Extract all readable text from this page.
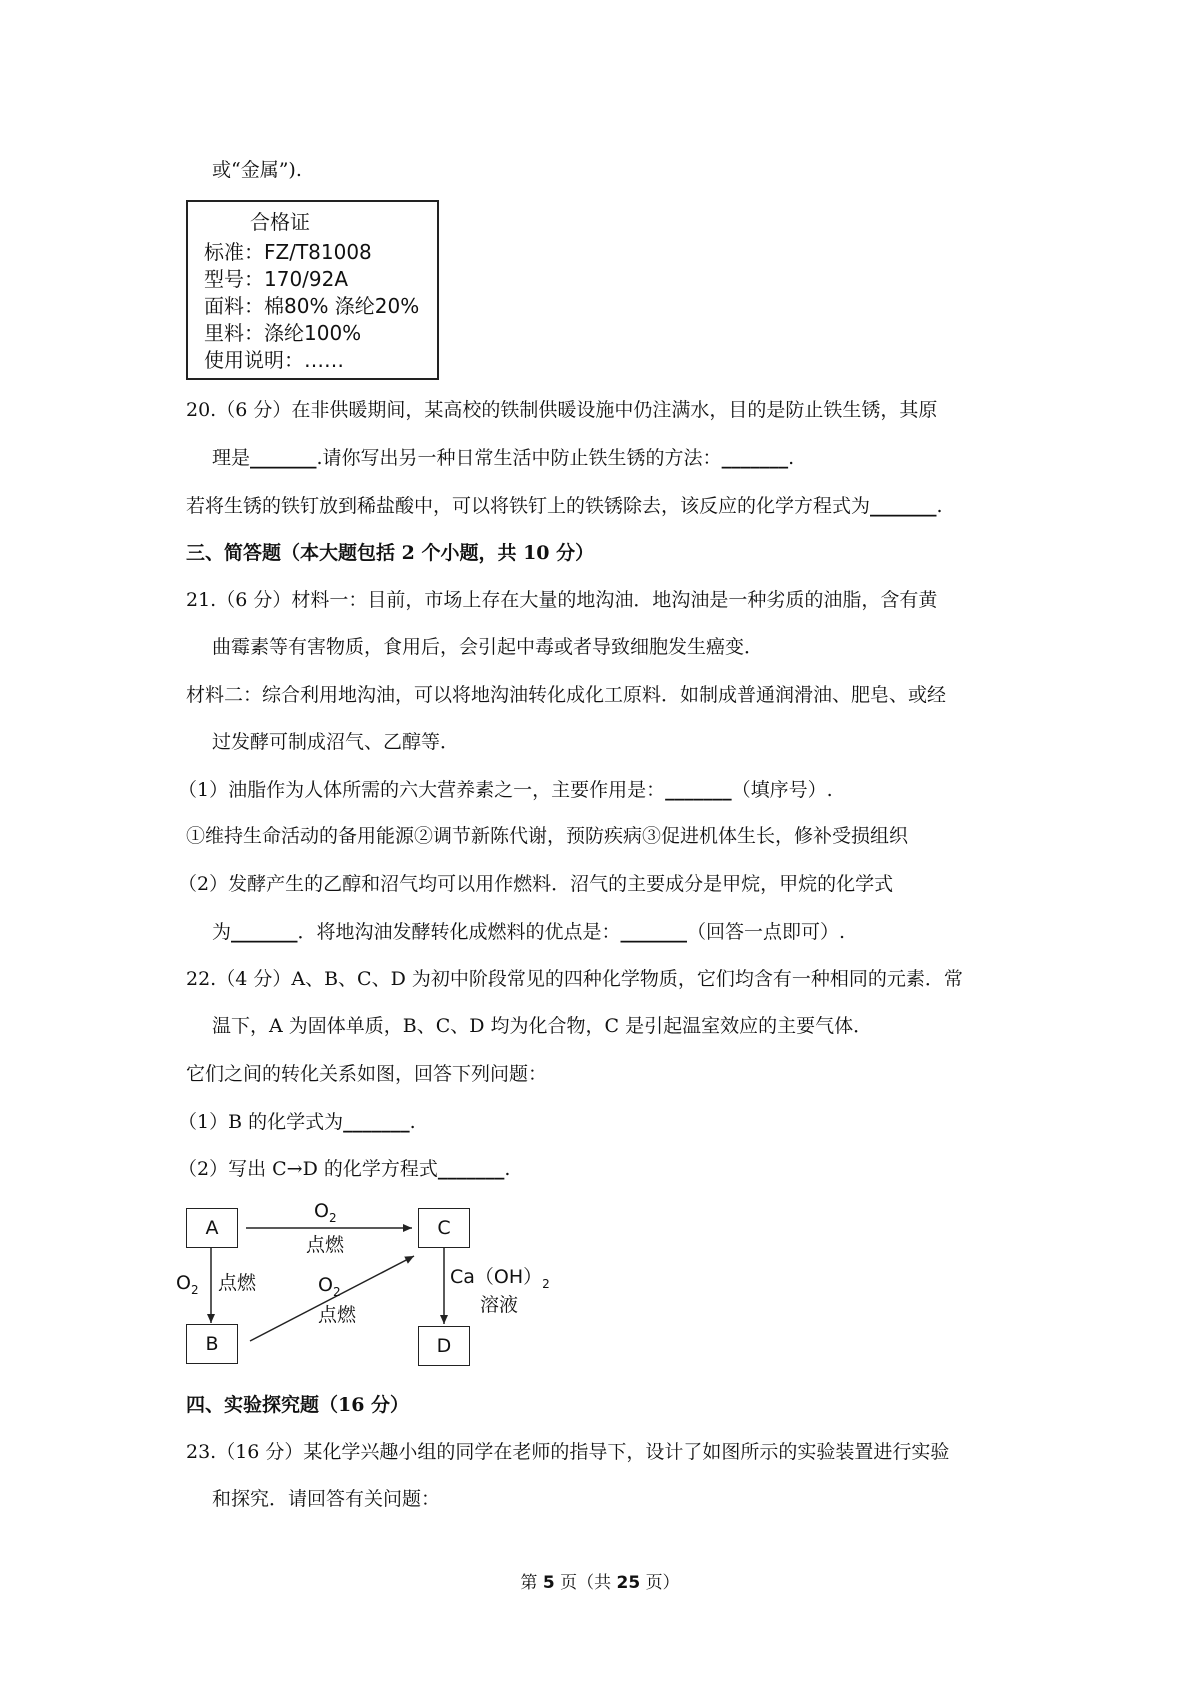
或“金属”).
合格证
标准：FZ/T81008
型号：170/92A
面料：棉80% 涤纶20%
里料：涤纶100%
使用说明：……
20.（6 分）在非供暖期间，某高校的铁制供暖设施中仍注满水，目的是防止铁生锈，其原
理是_______.请你写出另一种日常生活中防止铁生锈的方法：_______.
若将生锈的铁钉放到稀盐酸中，可以将铁钉上的铁锈除去，该反应的化学方程式为_______.
三、简答题（本大题包括 2 个小题，共 10 分）
21.（6 分）材料一：目前，市场上存在大量的地沟油．地沟油是一种劣质的油脂，含有黄
曲霉素等有害物质，食用后，会引起中毒或者导致细胞发生癌变．
材料二：综合利用地沟油，可以将地沟油转化成化工原料．如制成普通润滑油、肥皂、或经
过发酵可制成沼气、乙醇等．
（1）油脂作为人体所需的六大营养素之一，主要作用是：_______（填序号）.
①维持生命活动的备用能源②调节新陈代谢，预防疾病③促进机体生长，修补受损组织
（2）发酵产生的乙醇和沼气均可以用作燃料．沼气的主要成分是甲烷，甲烷的化学式
为_______．将地沟油发酵转化成燃料的优点是：_______（回答一点即可）.
22.（4 分）A、B、C、D 为初中阶段常见的四种化学物质，它们均含有一种相同的元素．常
温下，A 为固体单质，B、C、D 均为化合物，C 是引起温室效应的主要气体．
它们之间的转化关系如图，回答下列问题：
（1）B 的化学式为_______.
（2）写出 C→D 的化学方程式_______.
A
B
C
D
$O_2$
点燃
$O_2$ 点燃	$O_2$
点燃
$Ca(OH)_2$
溶液
四、实验探究题（16 分）
23.（16 分）某化学兴趣小组的同学在老师的指导下，设计了如图所示的实验装置进行实验
和探究．请回答有关问题：
第 5 页（共 25 页）
